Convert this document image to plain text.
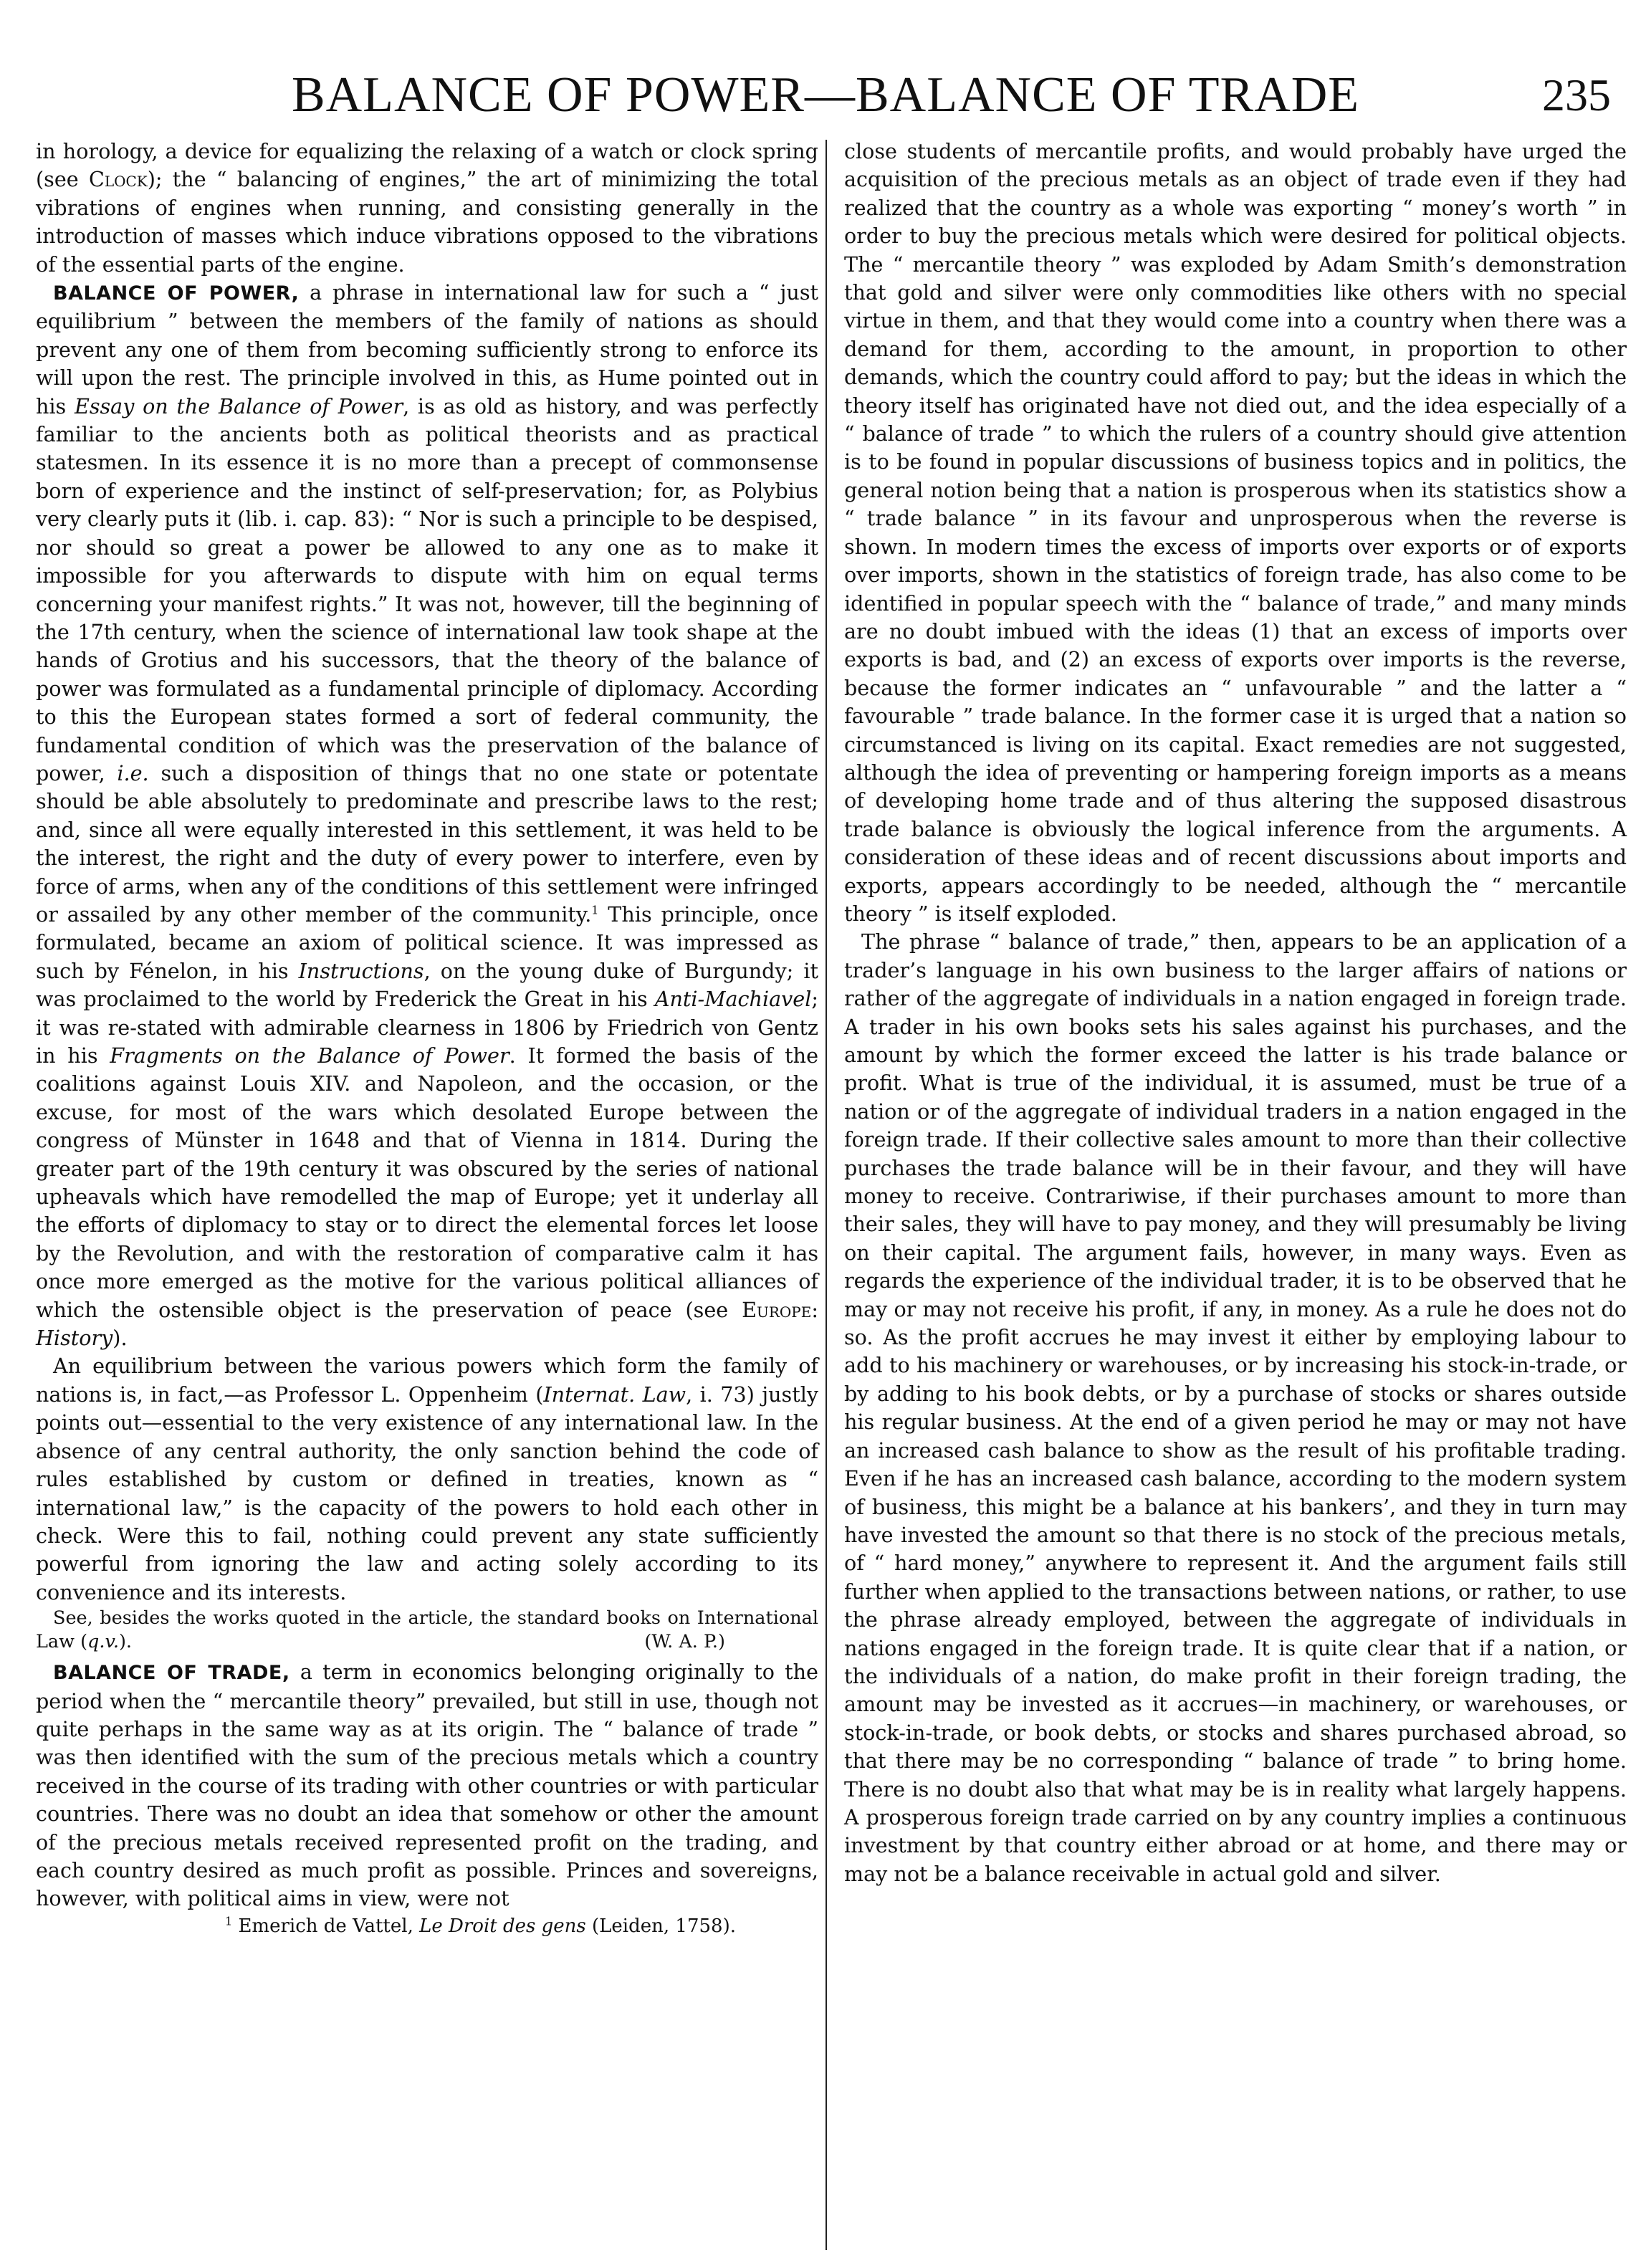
BALANCE OF POWER—BALANCE OF TRADE	235

in horology, a device for equalizing the relaxing of a watch or clock spring (see Clock); the “ balancing of engines,” the art of minimizing the total vibrations of engines when running, and consisting generally in the introduction of masses which induce vibrations opposed to the vibrations of the essential parts of the engine.

BALANCE OF POWER, a phrase in international law for such a “ just equilibrium ” between the members of the family of nations as should prevent any one of them from becoming sufficiently strong to enforce its will upon the rest. The principle involved in this, as Hume pointed out in his Essay on the Balance of Power, is as old as history, and was perfectly familiar to the ancients both as political theorists and as practical statesmen. In its essence it is no more than a precept of commonsense born of experience and the instinct of self-preservation; for, as Polybius very clearly puts it (lib. i. cap. 83): “ Nor is such a principle to be despised, nor should so great a power be allowed to any one as to make it impossible for you afterwards to dispute with him on equal terms concerning your manifest rights.” It was not, however, till the beginning of the 17th century, when the science of international law took shape at the hands of Grotius and his successors, that the theory of the balance of power was formulated as a fundamental principle of diplomacy. According to this the European states formed a sort of federal community, the fundamental condition of which was the preservation of the balance of power, i.e. such a disposition of things that no one state or potentate should be able absolutely to predominate and prescribe laws to the rest; and, since all were equally interested in this settlement, it was held to be the interest, the right and the duty of every power to interfere, even by force of arms, when any of the conditions of this settlement were infringed or assailed by any other member of the community.$^1$ This principle, once formulated, became an axiom of political science. It was impressed as such by Fénelon, in his Instructions, on the young duke of Burgundy; it was proclaimed to the world by Frederick the Great in his Anti-Machiavel; it was re-stated with admirable clearness in 1806 by Friedrich von Gentz in his Fragments on the Balance of Power. It formed the basis of the coalitions against Louis XIV. and Napoleon, and the occasion, or the excuse, for most of the wars which desolated Europe between the congress of Münster in 1648 and that of Vienna in 1814. During the greater part of the 19th century it was obscured by the series of national upheavals which have remodelled the map of Europe; yet it underlay all the efforts of diplomacy to stay or to direct the elemental forces let loose by the Revolution, and with the restoration of comparative calm it has once more emerged as the motive for the various political alliances of which the ostensible object is the preservation of peace (see Europe: History).

An equilibrium between the various powers which form the family of nations is, in fact,—as Professor L. Oppenheim (Internat. Law, i. 73) justly points out—essential to the very existence of any international law. In the absence of any central authority, the only sanction behind the code of rules established by custom or defined in treaties, known as “ international law,” is the capacity of the powers to hold each other in check. Were this to fail, nothing could prevent any state sufficiently powerful from ignoring the law and acting solely according to its convenience and its interests.

See, besides the works quoted in the article, the standard books on International Law (q.v.).	(W. A. P.)

BALANCE OF TRADE, a term in economics belonging originally to the period when the “ mercantile theory” prevailed, but still in use, though not quite perhaps in the same way as at its origin. The “ balance of trade ” was then identified with the sum of the precious metals which a country received in the course of its trading with other countries or with particular countries. There was no doubt an idea that somehow or other the amount of the precious metals received represented profit on the trading, and each country desired as much profit as possible. Princes and sovereigns, however, with political aims in view, were not

$^1$ Emerich de Vattel, Le Droit des gens (Leiden, 1758).

close students of mercantile profits, and would probably have urged the acquisition of the precious metals as an object of trade even if they had realized that the country as a whole was exporting “ money’s worth ” in order to buy the precious metals which were desired for political objects. The “ mercantile theory ” was exploded by Adam Smith’s demonstration that gold and silver were only commodities like others with no special virtue in them, and that they would come into a country when there was a demand for them, according to the amount, in proportion to other demands, which the country could afford to pay; but the ideas in which the theory itself has originated have not died out, and the idea especially of a “ balance of trade ” to which the rulers of a country should give attention is to be found in popular discussions of business topics and in politics, the general notion being that a nation is prosperous when its statistics show a “ trade balance ” in its favour and unprosperous when the reverse is shown. In modern times the excess of imports over exports or of exports over imports, shown in the statistics of foreign trade, has also come to be identified in popular speech with the “ balance of trade,” and many minds are no doubt imbued with the ideas (1) that an excess of imports over exports is bad, and (2) an excess of exports over imports is the reverse, because the former indicates an “ unfavourable ” and the latter a “ favourable ” trade balance. In the former case it is urged that a nation so circumstanced is living on its capital. Exact remedies are not suggested, although the idea of preventing or hampering foreign imports as a means of developing home trade and of thus altering the supposed disastrous trade balance is obviously the logical inference from the arguments. A consideration of these ideas and of recent discussions about imports and exports, appears accordingly to be needed, although the “ mercantile theory ” is itself exploded.

The phrase “ balance of trade,” then, appears to be an application of a trader’s language in his own business to the larger affairs of nations or rather of the aggregate of individuals in a nation engaged in foreign trade. A trader in his own books sets his sales against his purchases, and the amount by which the former exceed the latter is his trade balance or profit. What is true of the individual, it is assumed, must be true of a nation or of the aggregate of individual traders in a nation engaged in the foreign trade. If their collective sales amount to more than their collective purchases the trade balance will be in their favour, and they will have money to receive. Contrariwise, if their purchases amount to more than their sales, they will have to pay money, and they will presumably be living on their capital. The argument fails, however, in many ways. Even as regards the experience of the individual trader, it is to be observed that he may or may not receive his profit, if any, in money. As a rule he does not do so. As the profit accrues he may invest it either by employing labour to add to his machinery or warehouses, or by increasing his stock-in-trade, or by adding to his book debts, or by a purchase of stocks or shares outside his regular business. At the end of a given period he may or may not have an increased cash balance to show as the result of his profitable trading. Even if he has an increased cash balance, according to the modern system of business, this might be a balance at his bankers’, and they in turn may have invested the amount so that there is no stock of the precious metals, of “ hard money,” anywhere to represent it. And the argument fails still further when applied to the transactions between nations, or rather, to use the phrase already employed, between the aggregate of individuals in nations engaged in the foreign trade. It is quite clear that if a nation, or the individuals of a nation, do make profit in their foreign trading, the amount may be invested as it accrues—in machinery, or warehouses, or stock-in-trade, or book debts, or stocks and shares purchased abroad, so that there may be no corresponding “ balance of trade ” to bring home. There is no doubt also that what may be is in reality what largely happens. A prosperous foreign trade carried on by any country implies a continuous investment by that country either abroad or at home, and there may or may not be a balance receivable in actual gold and silver.
